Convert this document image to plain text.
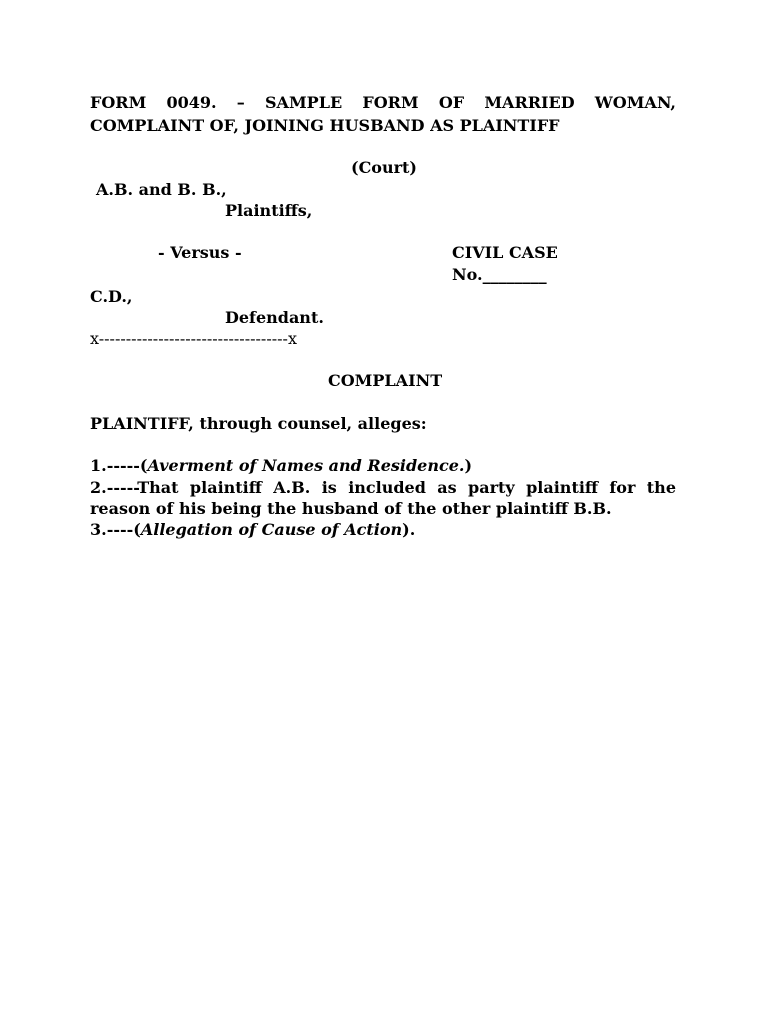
FORM 0049. – SAMPLE FORM OF MARRIED WOMAN,
COMPLAINT OF, JOINING HUSBAND AS PLAINTIFF
(Court)
A.B. and B. B.,
Plaintiffs,
- Versus -	CIVIL CASE
No.________
C.D.,
Defendant.
x-----------------------------------x
COMPLAINT
PLAINTIFF, through counsel, alleges:
1.-----(Averment of Names and Residence.)
2.-----That plaintiff A.B. is included as party plaintiff for the
reason of his being the husband of the other plaintiff B.B.
3.----(Allegation of Cause of Action).
